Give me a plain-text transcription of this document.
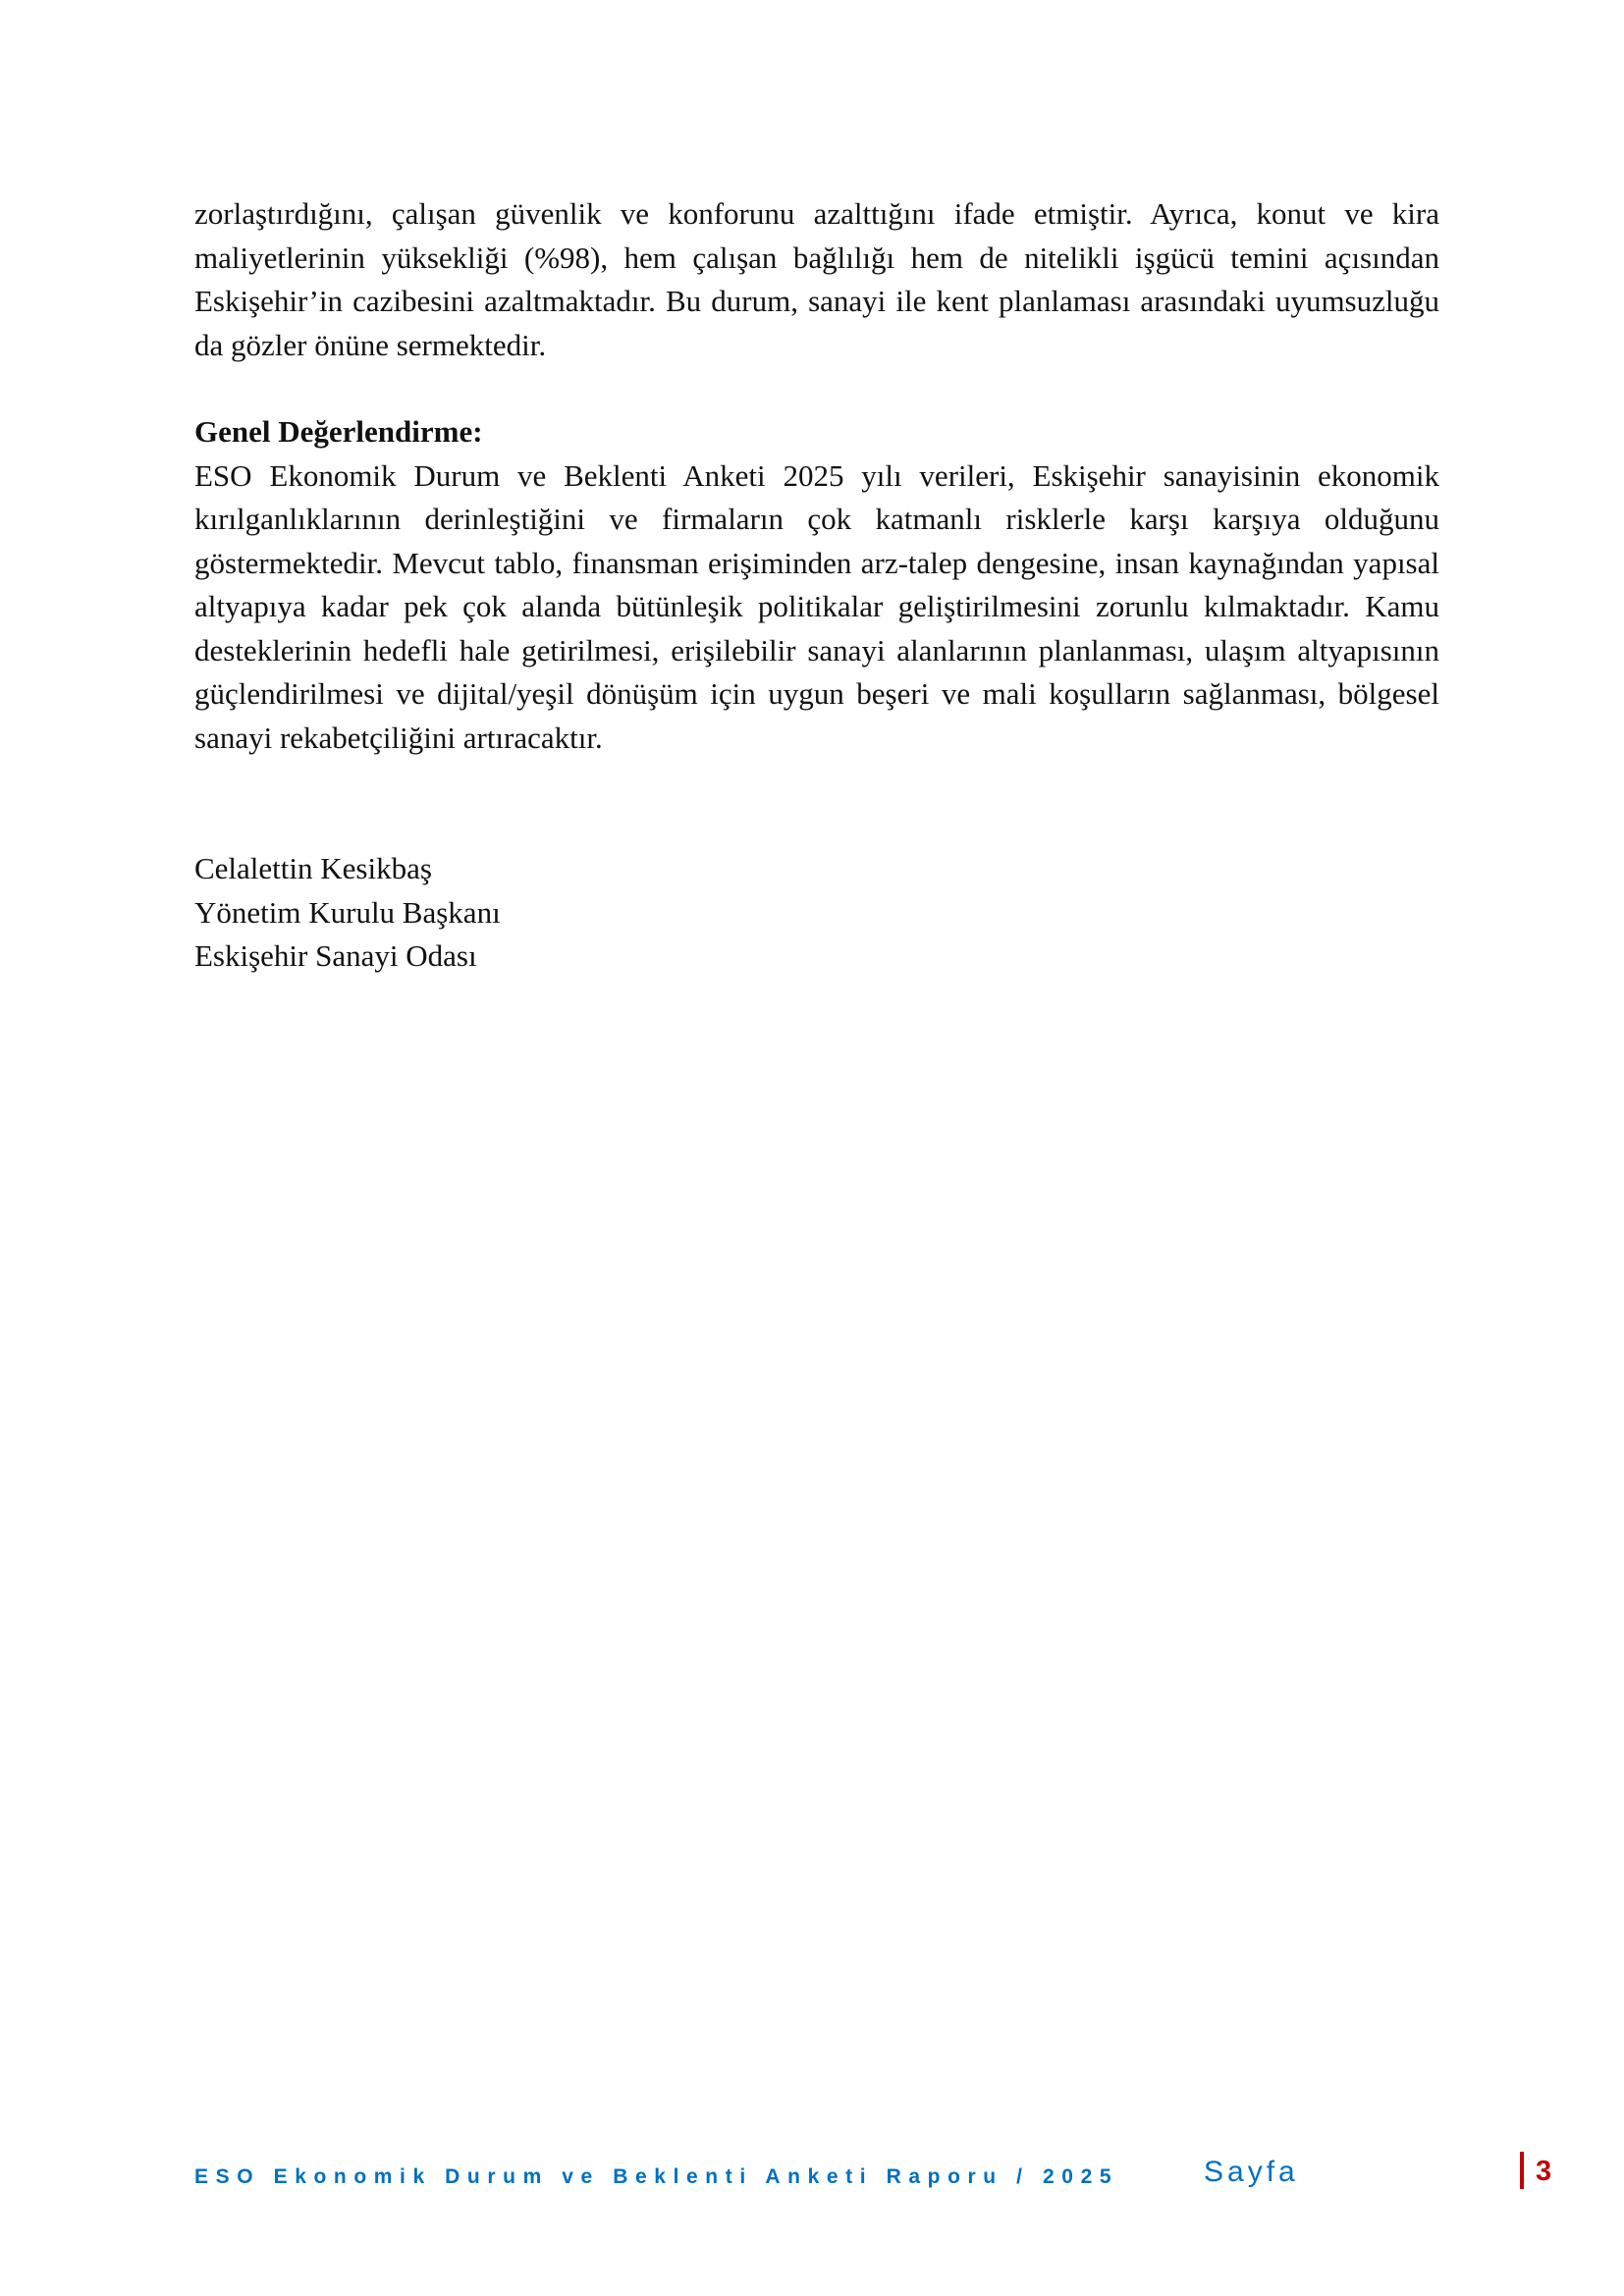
zorlaştırdığını, çalışan güvenlik ve konforunu azalttığını ifade etmiştir. Ayrıca, konut ve kira maliyetlerinin yüksekliği (%98), hem çalışan bağlılığı hem de nitelikli işgücü temini açısından Eskişehir’in cazibesini azaltmaktadır. Bu durum, sanayi ile kent planlaması arasındaki uyumsuzluğu da gözler önüne sermektedir.

Genel Değerlendirme:

ESO Ekonomik Durum ve Beklenti Anketi 2025 yılı verileri, Eskişehir sanayisinin ekonomik kırılganlıklarının derinleştiğini ve firmaların çok katmanlı risklerle karşı karşıya olduğunu göstermektedir. Mevcut tablo, finansman erişiminden arz-talep dengesine, insan kaynağından yapısal altyapıya kadar pek çok alanda bütünleşik politikalar geliştirilmesini zorunlu kılmaktadır. Kamu desteklerinin hedefli hale getirilmesi, erişilebilir sanayi alanlarının planlanması, ulaşım altyapısının güçlendirilmesi ve dijital/yeşil dönüşüm için uygun beşeri ve mali koşulların sağlanması, bölgesel sanayi rekabetçiliğini artıracaktır.

Celalettin Kesikbaş
Yönetim Kurulu Başkanı
Eskişehir Sanayi Odası
ESO Ekonomik Durum ve Beklenti Anketi Raporu / 2025	Sayfa	3
